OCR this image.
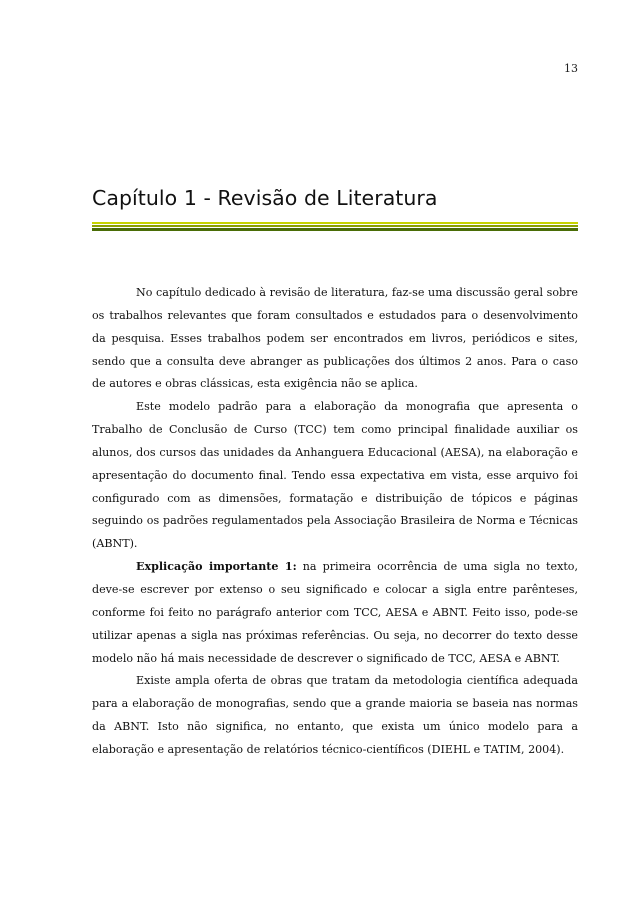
13
Capítulo 1 - Revisão de Literatura

No capítulo dedicado à revisão de literatura, faz-se uma discussão geral sobre os trabalhos relevantes que foram consultados e estudados para o desenvolvimento da pesquisa. Esses trabalhos podem ser encontrados em livros, periódicos e sites, sendo que a consulta deve abranger as publicações dos últimos 2 anos. Para o caso de autores e obras clássicas, esta exigência não se aplica.

Este modelo padrão para a elaboração da monografia que apresenta o Trabalho de Conclusão de Curso (TCC) tem como principal finalidade auxiliar os alunos, dos cursos das unidades da Anhanguera Educacional (AESA), na elaboração e apresentação do documento final. Tendo essa expectativa em vista, esse arquivo foi configurado com as dimensões, formatação e distribuição de tópicos e páginas seguindo os padrões regulamentados pela Associação Brasileira de Norma e Técnicas (ABNT).

Explicação importante 1: na primeira ocorrência de uma sigla no texto, deve-se escrever por extenso o seu significado e colocar a sigla entre parênteses, conforme foi feito no parágrafo anterior com TCC, AESA e ABNT. Feito isso, pode-se utilizar apenas a sigla nas próximas referências. Ou seja, no decorrer do texto desse modelo não há mais necessidade de descrever o significado de TCC, AESA e ABNT.

Existe ampla oferta de obras que tratam da metodologia científica adequada para a elaboração de monografias, sendo que a grande maioria se baseia nas normas da ABNT. Isto não significa, no entanto, que exista um único modelo para a elaboração e apresentação de relatórios técnico-científicos (DIEHL e TATIM, 2004).
